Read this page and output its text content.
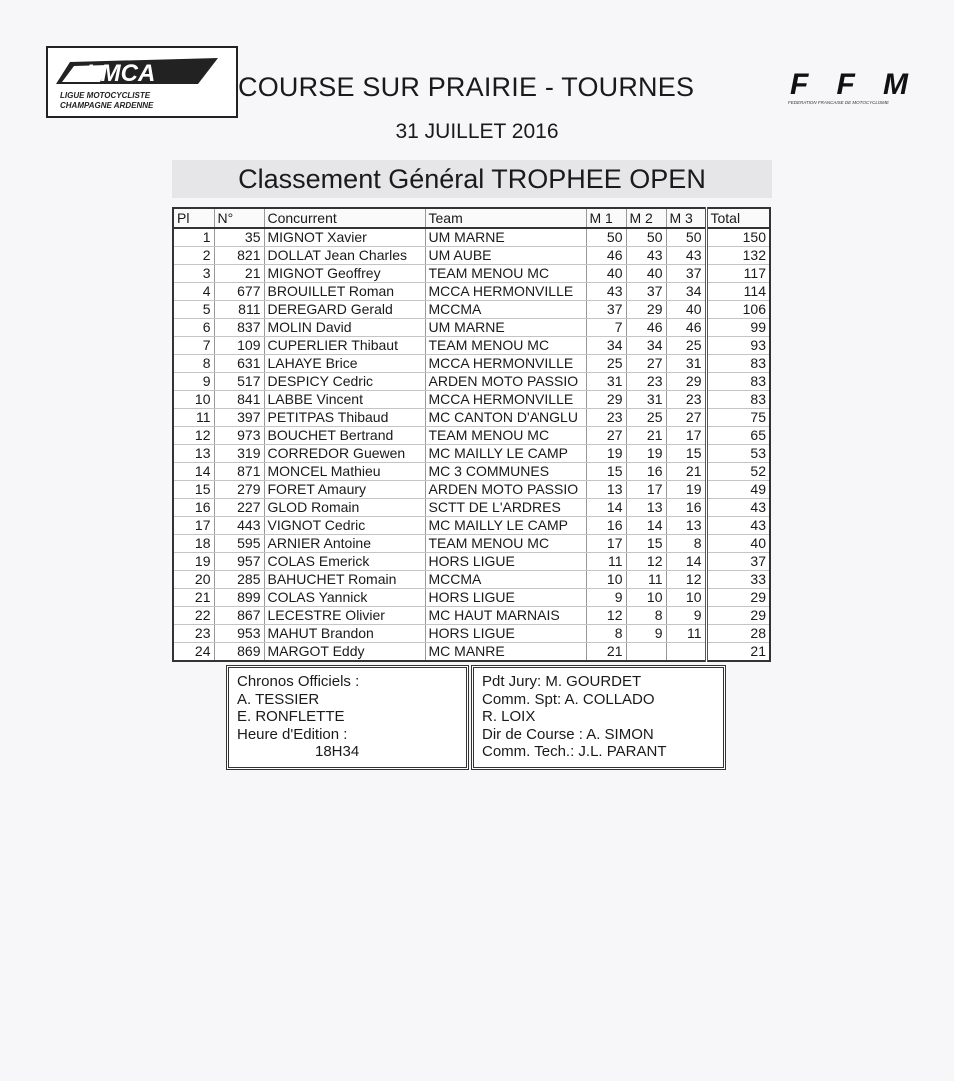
LMCA
LIGUE MOTOCYCLISTE
CHAMPAGNE ARDENNE
FFM
FEDERATION FRANCAISE DE MOTOCYCLISME
COURSE SUR PRAIRIE - TOURNES
31 JUILLET 2016
Classement Général TROPHEE OPEN
Pl	N°	Concurrent	Team	M 1	M 2	M 3	Total
1	35	MIGNOT Xavier	UM MARNE	50	50	50	150
2	821	DOLLAT Jean Charles	UM AUBE	46	43	43	132
3	21	MIGNOT Geoffrey	TEAM MENOU MC	40	40	37	117
4	677	BROUILLET Roman	MCCA HERMONVILLE	43	37	34	114
5	811	DEREGARD Gerald	MCCMA	37	29	40	106
6	837	MOLIN David	UM MARNE	7	46	46	99
7	109	CUPERLIER Thibaut	TEAM MENOU MC	34	34	25	93
8	631	LAHAYE Brice	MCCA HERMONVILLE	25	27	31	83
9	517	DESPICY Cedric	ARDEN MOTO PASSIO	31	23	29	83
10	841	LABBE Vincent	MCCA HERMONVILLE	29	31	23	83
11	397	PETITPAS Thibaud	MC CANTON D'ANGLU	23	25	27	75
12	973	BOUCHET Bertrand	TEAM MENOU MC	27	21	17	65
13	319	CORREDOR Guewen	MC MAILLY LE CAMP	19	19	15	53
14	871	MONCEL Mathieu	MC 3 COMMUNES	15	16	21	52
15	279	FORET Amaury	ARDEN MOTO PASSIO	13	17	19	49
16	227	GLOD Romain	SCTT DE L'ARDRES	14	13	16	43
17	443	VIGNOT Cedric	MC MAILLY LE CAMP	16	14	13	43
18	595	ARNIER Antoine	TEAM MENOU MC	17	15	8	40
19	957	COLAS Emerick	HORS LIGUE	11	12	14	37
20	285	BAHUCHET Romain	MCCMA	10	11	12	33
21	899	COLAS Yannick	HORS LIGUE	9	10	10	29
22	867	LECESTRE Olivier	MC HAUT MARNAIS	12	8	9	29
23	953	MAHUT Brandon	HORS LIGUE	8	9	11	28
24	869	MARGOT Eddy	MC MANRE	21			21
Chronos Officiels :
A. TESSIER
E. RONFLETTE
Heure d'Edition :
18H34
Pdt Jury: M. GOURDET
Comm. Spt: A. COLLADO
R. LOIX
Dir de Course : A. SIMON
Comm. Tech.: J.L. PARANT
